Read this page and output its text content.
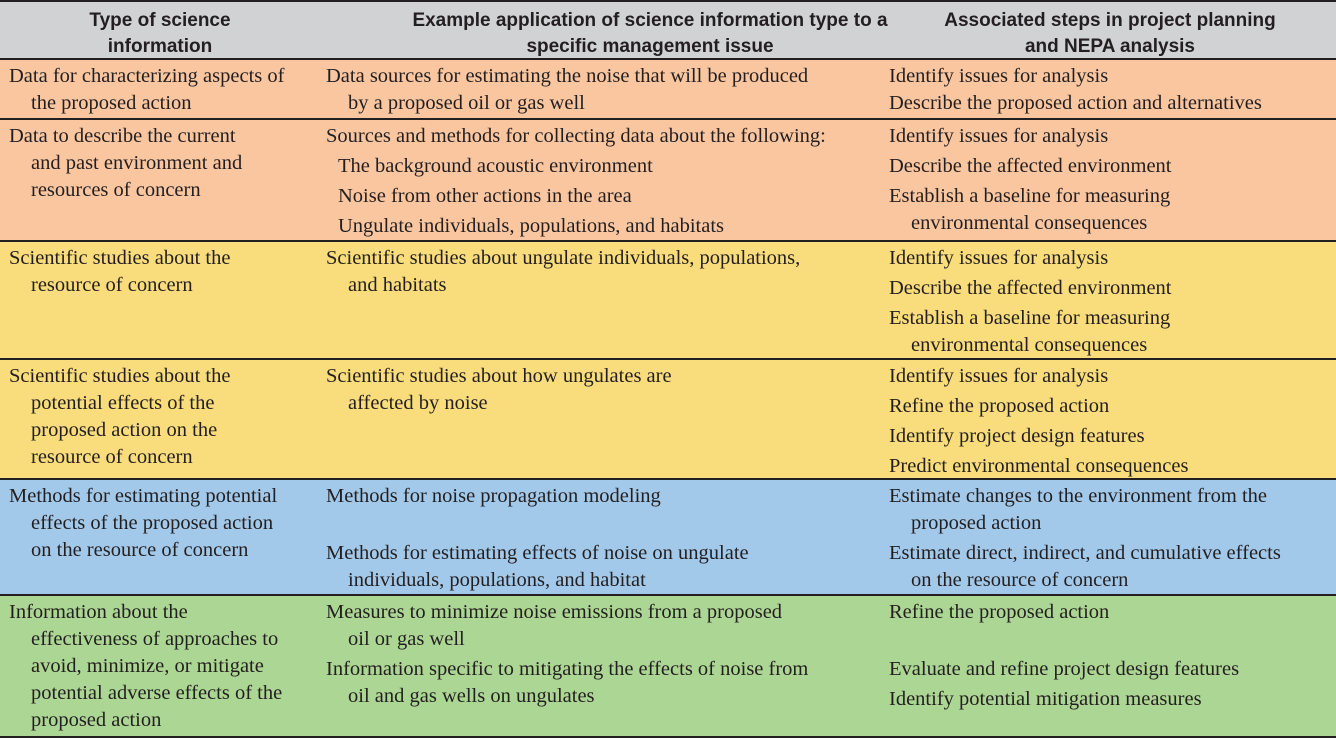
Type of science
information
Example application of science information type to a
specific management issue
Associated steps in project planning
and NEPA analysis
Data for characterizing aspects of
the proposed action
Data sources for estimating the noise that will be produced
by a proposed oil or gas well
Identify issues for analysis
Describe the proposed action and alternatives
Data to describe the current
and past environment and
resources of concern
Sources and methods for collecting data about the following:
The background acoustic environment
Noise from other actions in the area
Ungulate individuals, populations, and habitats
Identify issues for analysis
Describe the affected environment
Establish a baseline for measuring
environmental consequences
Scientific studies about the
resource of concern
Scientific studies about ungulate individuals, populations,
and habitats
Identify issues for analysis
Describe the affected environment
Establish a baseline for measuring
environmental consequences
Scientific studies about the
potential effects of the
proposed action on the
resource of concern
Scientific studies about how ungulates are
affected by noise
Identify issues for analysis
Refine the proposed action
Identify project design features
Predict environmental consequences
Methods for estimating potential
effects of the proposed action
on the resource of concern
Methods for noise propagation modeling
Methods for estimating effects of noise on ungulate
individuals, populations, and habitat
Estimate changes to the environment from the
proposed action
Estimate direct, indirect, and cumulative effects
on the resource of concern
Information about the
effectiveness of approaches to
avoid, minimize, or mitigate
potential adverse effects of the
proposed action
Measures to minimize noise emissions from a proposed
oil or gas well
Information specific to mitigating the effects of noise from
oil and gas wells on ungulates
Refine the proposed action
Evaluate and refine project design features
Identify potential mitigation measures
